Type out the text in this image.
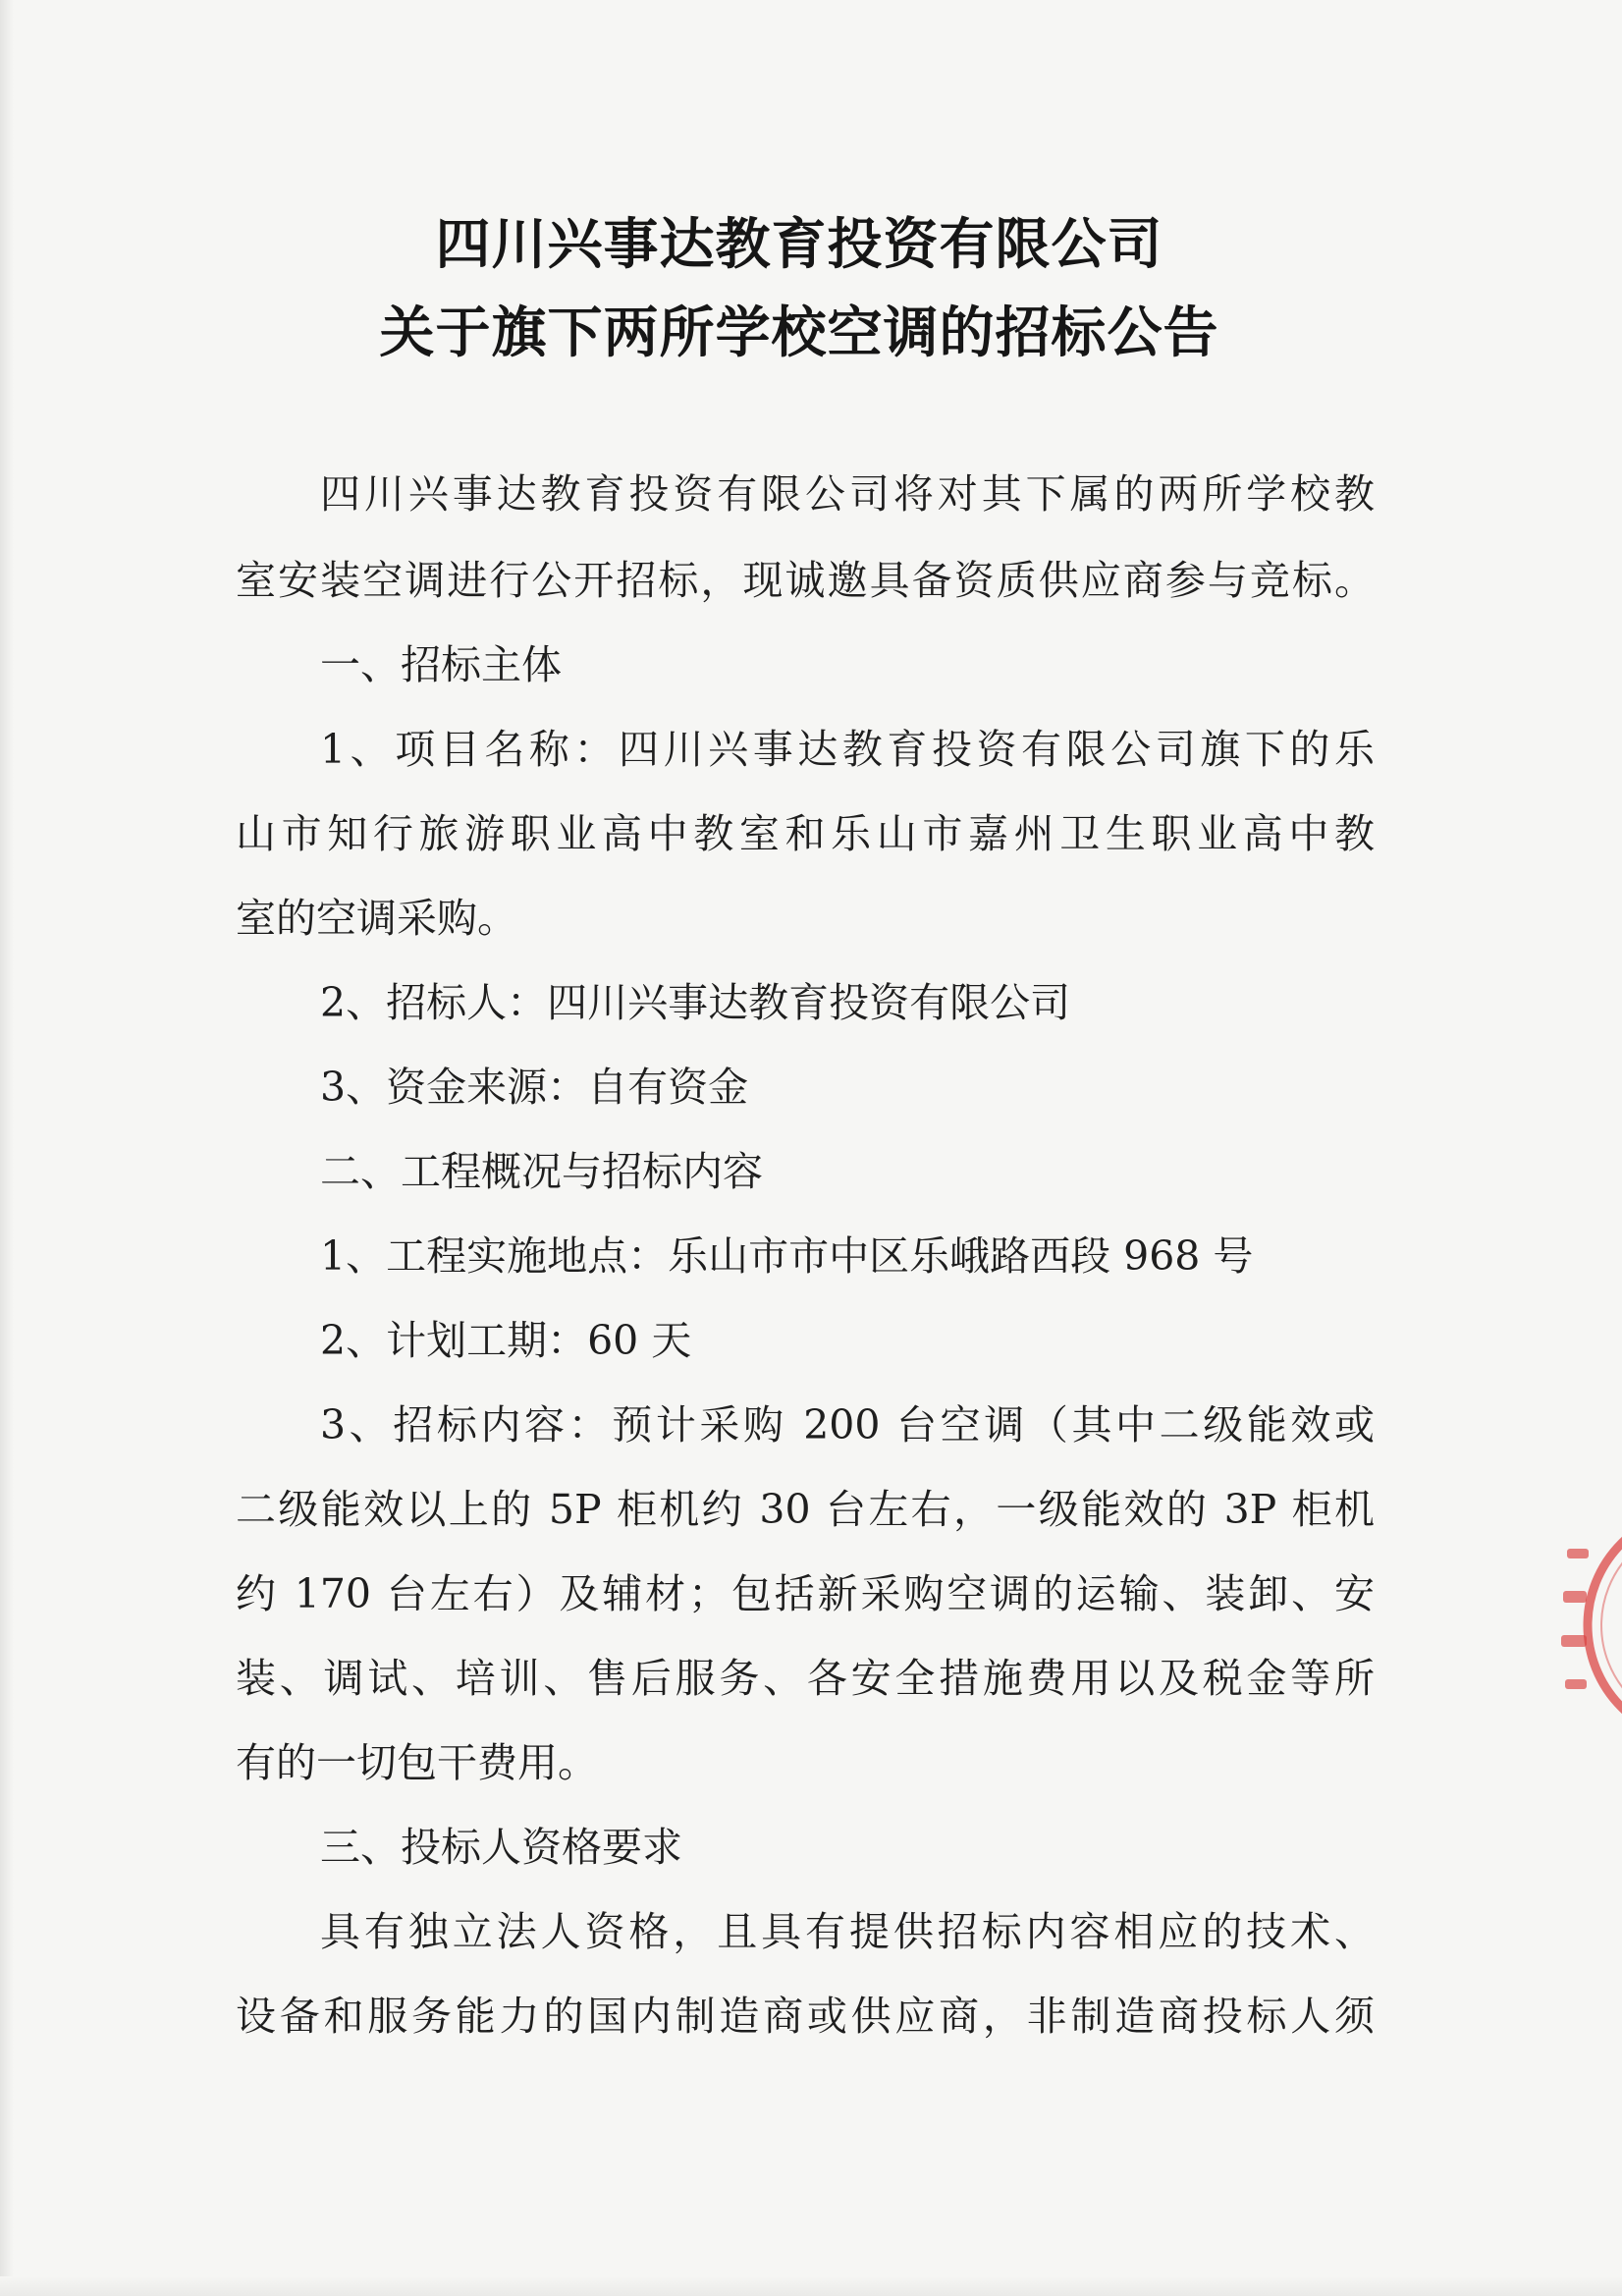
四川兴事达教育投资有限公司
关于旗下两所学校空调的招标公告
四川兴事达教育投资有限公司将对其下属的两所学校教
室安装空调进行公开招标，现诚邀具备资质供应商参与竞标。
一、招标主体
1、项目名称：四川兴事达教育投资有限公司旗下的乐
山市知行旅游职业高中教室和乐山市嘉州卫生职业高中教
室的空调采购。
2、招标人：四川兴事达教育投资有限公司
3、资金来源：自有资金
二、工程概况与招标内容
1、工程实施地点：乐山市市中区乐峨路西段 968 号
2、计划工期：60 天
3、招标内容：预计采购 200 台空调（其中二级能效或
二级能效以上的 5P 柜机约 30 台左右，一级能效的 3P 柜机
约 170 台左右）及辅材；包括新采购空调的运输、装卸、安
装、调试、培训、售后服务、各安全措施费用以及税金等所
有的一切包干费用。
三、投标人资格要求
具有独立法人资格，且具有提供招标内容相应的技术、
设备和服务能力的国内制造商或供应商，非制造商投标人须
